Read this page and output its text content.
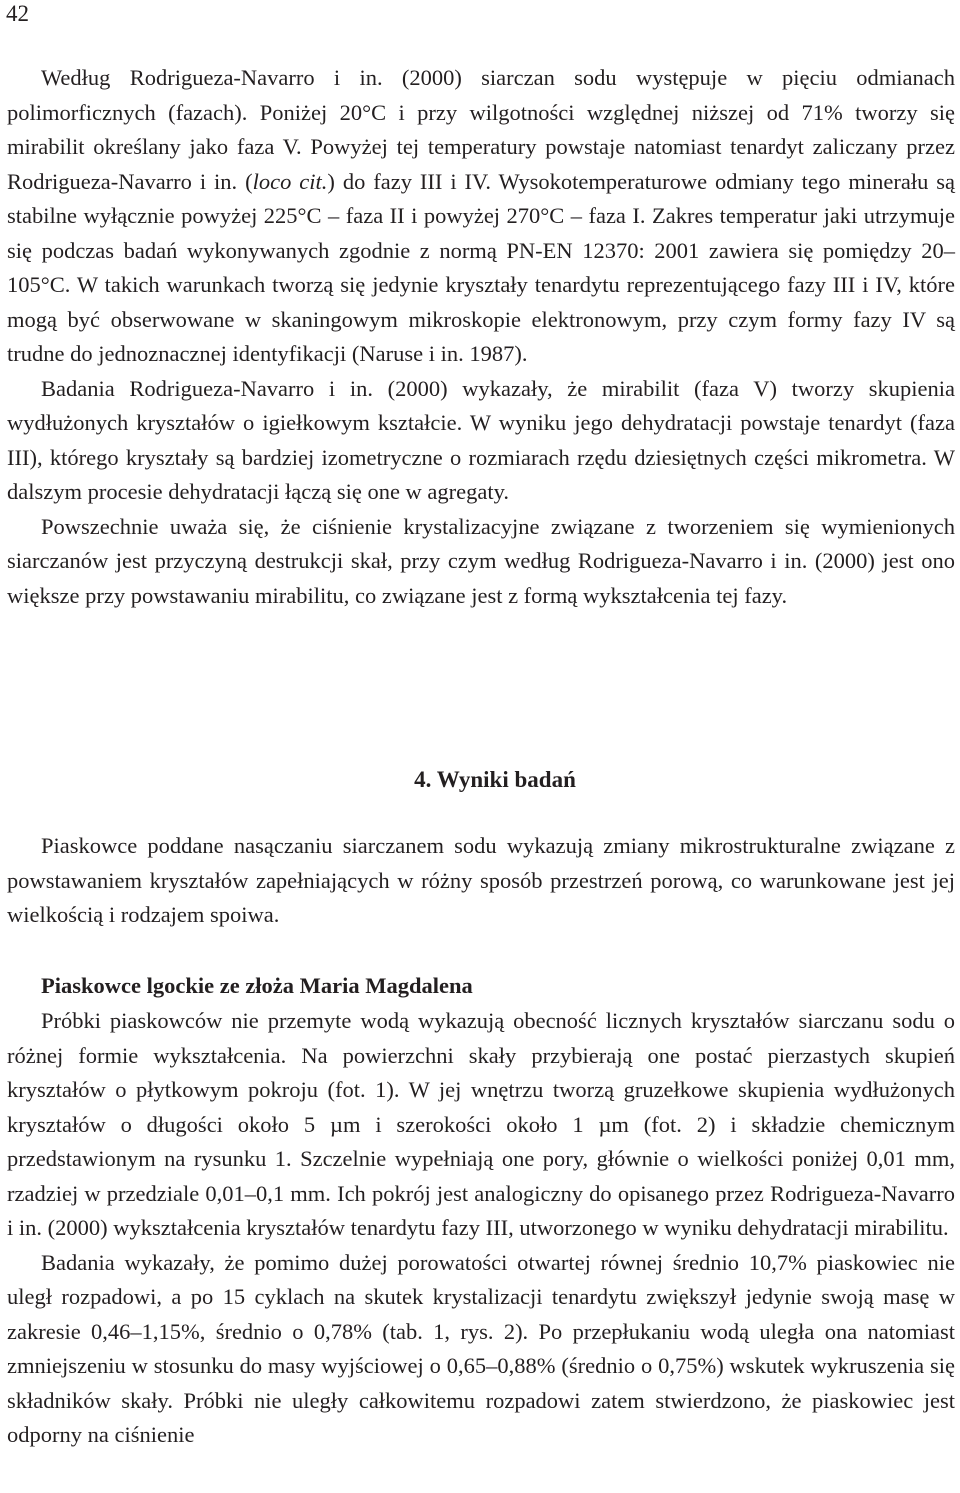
42

Według Rodrigueza-Navarro i in. (2000) siarczan sodu występuje w pięciu odmianach polimorficznych (fazach). Poniżej 20°C i przy wilgotności względnej niższej od 71% tworzy się mirabilit określany jako faza V. Powyżej tej temperatury powstaje natomiast tenardyt zaliczany przez Rodrigueza-Navarro i in. (loco cit.) do fazy III i IV. Wysokotemperaturowe odmiany tego minerału są stabilne wyłącznie powyżej 225°C – faza II i powyżej 270°C – faza I. Zakres temperatur jaki utrzymuje się podczas badań wykonywanych zgodnie z normą PN-EN 12370: 2001 zawiera się pomiędzy 20–105°C. W takich warunkach tworzą się jedynie kryształy tenardytu reprezentującego fazy III i IV, które mogą być obserwowane w skaningowym mikroskopie elektronowym, przy czym formy fazy IV są trudne do jednoznacznej identyfikacji (Naruse i in. 1987).

Badania Rodrigueza-Navarro i in. (2000) wykazały, że mirabilit (faza V) tworzy skupienia wydłużonych kryształów o igiełkowym kształcie. W wyniku jego dehydratacji powstaje tenardyt (faza III), którego kryształy są bardziej izometryczne o rozmiarach rzędu dziesiętnych części mikrometra. W dalszym procesie dehydratacji łączą się one w agregaty.

Powszechnie uważa się, że ciśnienie krystalizacyjne związane z tworzeniem się wymienionych siarczanów jest przyczyną destrukcji skał, przy czym według Rodrigueza-Navarro i in. (2000) jest ono większe przy powstawaniu mirabilitu, co związane jest z formą wykształcenia tej fazy.

4. Wyniki badań

Piaskowce poddane nasączaniu siarczanem sodu wykazują zmiany mikrostrukturalne związane z powstawaniem kryształów zapełniających w różny sposób przestrzeń porową, co warunkowane jest jej wielkością i rodzajem spoiwa.

Piaskowce lgockie ze złoża Maria Magdalena

Próbki piaskowców nie przemyte wodą wykazują obecność licznych kryształów siarczanu sodu o różnej formie wykształcenia. Na powierzchni skały przybierają one postać pierzastych skupień kryształów o płytkowym pokroju (fot. 1). W jej wnętrzu tworzą gruzełkowe skupienia wydłużonych kryształów o długości około 5 µm i szerokości około 1 µm (fot. 2) i składzie chemicznym przedstawionym na rysunku 1. Szczelnie wypełniają one pory, głównie o wielkości poniżej 0,01 mm, rzadziej w przedziale 0,01–0,1 mm. Ich pokrój jest analogiczny do opisanego przez Rodrigueza-Navarro i in. (2000) wykształcenia kryształów tenardytu fazy III, utworzonego w wyniku dehydratacji mirabilitu.

Badania wykazały, że pomimo dużej porowatości otwartej równej średnio 10,7% piaskowiec nie uległ rozpadowi, a po 15 cyklach na skutek krystalizacji tenardytu zwiększył jedynie swoją masę w zakresie 0,46–1,15%, średnio o 0,78% (tab. 1, rys. 2). Po przepłukaniu wodą uległa ona natomiast zmniejszeniu w stosunku do masy wyjściowej o 0,65–0,88% (średnio o 0,75%) wskutek wykruszenia się składników skały. Próbki nie uległy całkowitemu rozpadowi zatem stwierdzono, że piaskowiec jest odporny na ciśnienie
